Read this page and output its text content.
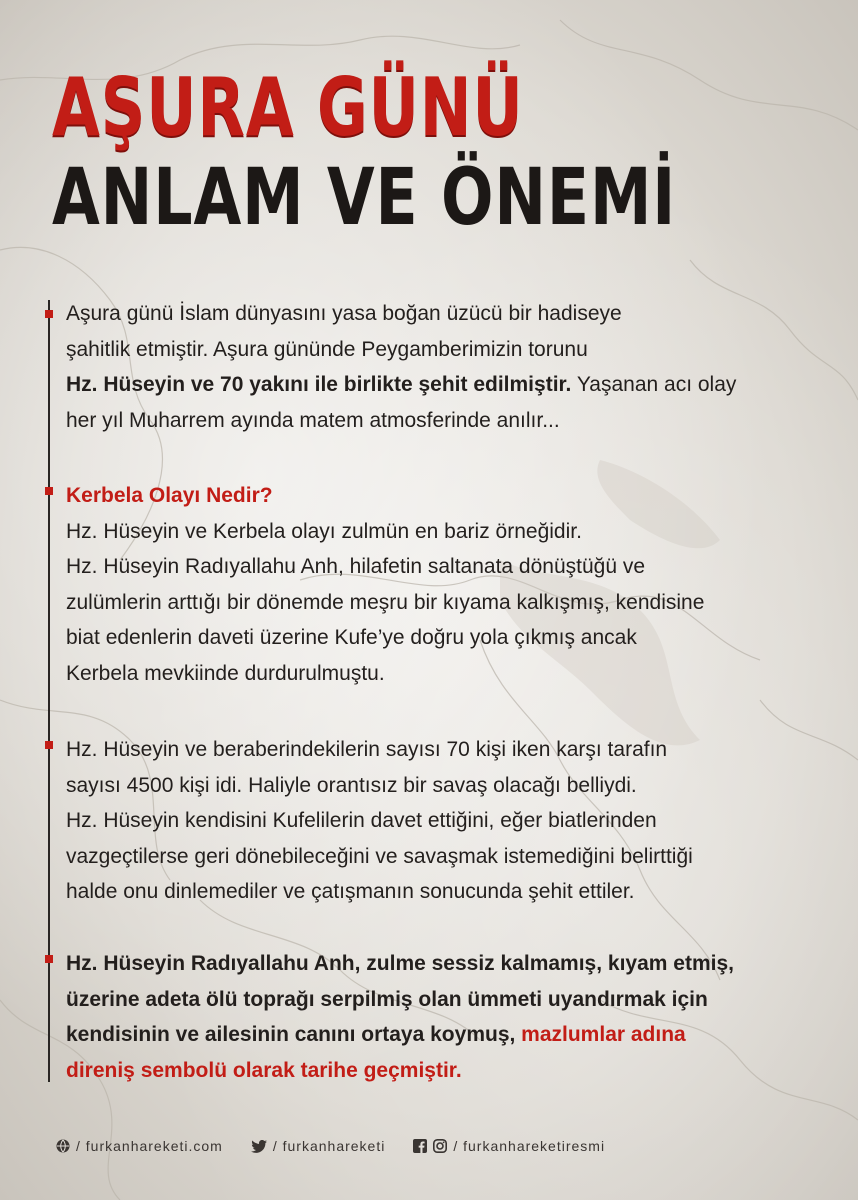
AŞURA GÜNÜ
ANLAM VE ÖNEMİ

Aşura günü İslam dünyasını yasa boğan üzücü bir hadiseye

şahitlik etmiştir. Aşura gününde Peygamberimizin torunu

Hz. Hüseyin ve 70 yakını ile birlikte şehit edilmiştir. Yaşanan acı olay

her yıl Muharrem ayında matem atmosferinde anılır...

Kerbela Olayı Nedir?

Hz. Hüseyin ve Kerbela olayı zulmün en bariz örneğidir.

Hz. Hüseyin Radıyallahu Anh, hilafetin saltanata dönüştüğü ve

zulümlerin arttığı bir dönemde meşru bir kıyama kalkışmış, kendisine

biat edenlerin daveti üzerine Kufe’ye doğru yola çıkmış ancak

Kerbela mevkiinde durdurulmuştu.

Hz. Hüseyin ve beraberindekilerin sayısı 70 kişi iken karşı tarafın

sayısı 4500 kişi idi. Haliyle orantısız bir savaş olacağı belliydi.

Hz. Hüseyin kendisini Kufelilerin davet ettiğini, eğer biatlerinden

vazgeçtilerse geri dönebileceğini ve savaşmak istemediğini belirttiği

halde onu dinlemediler ve çatışmanın sonucunda şehit ettiler.

Hz. Hüseyin Radıyallahu Anh, zulme sessiz kalmamış, kıyam etmiş,

üzerine adeta ölü toprağı serpilmiş olan ümmeti uyandırmak için

kendisinin ve ailesinin canını ortaya koymuş, mazlumlar adına

direniş sembolü olarak tarihe geçmiştir.

/ furkanhareketi.com	/ furkanhareketi	/ furkanhareketiresmi
